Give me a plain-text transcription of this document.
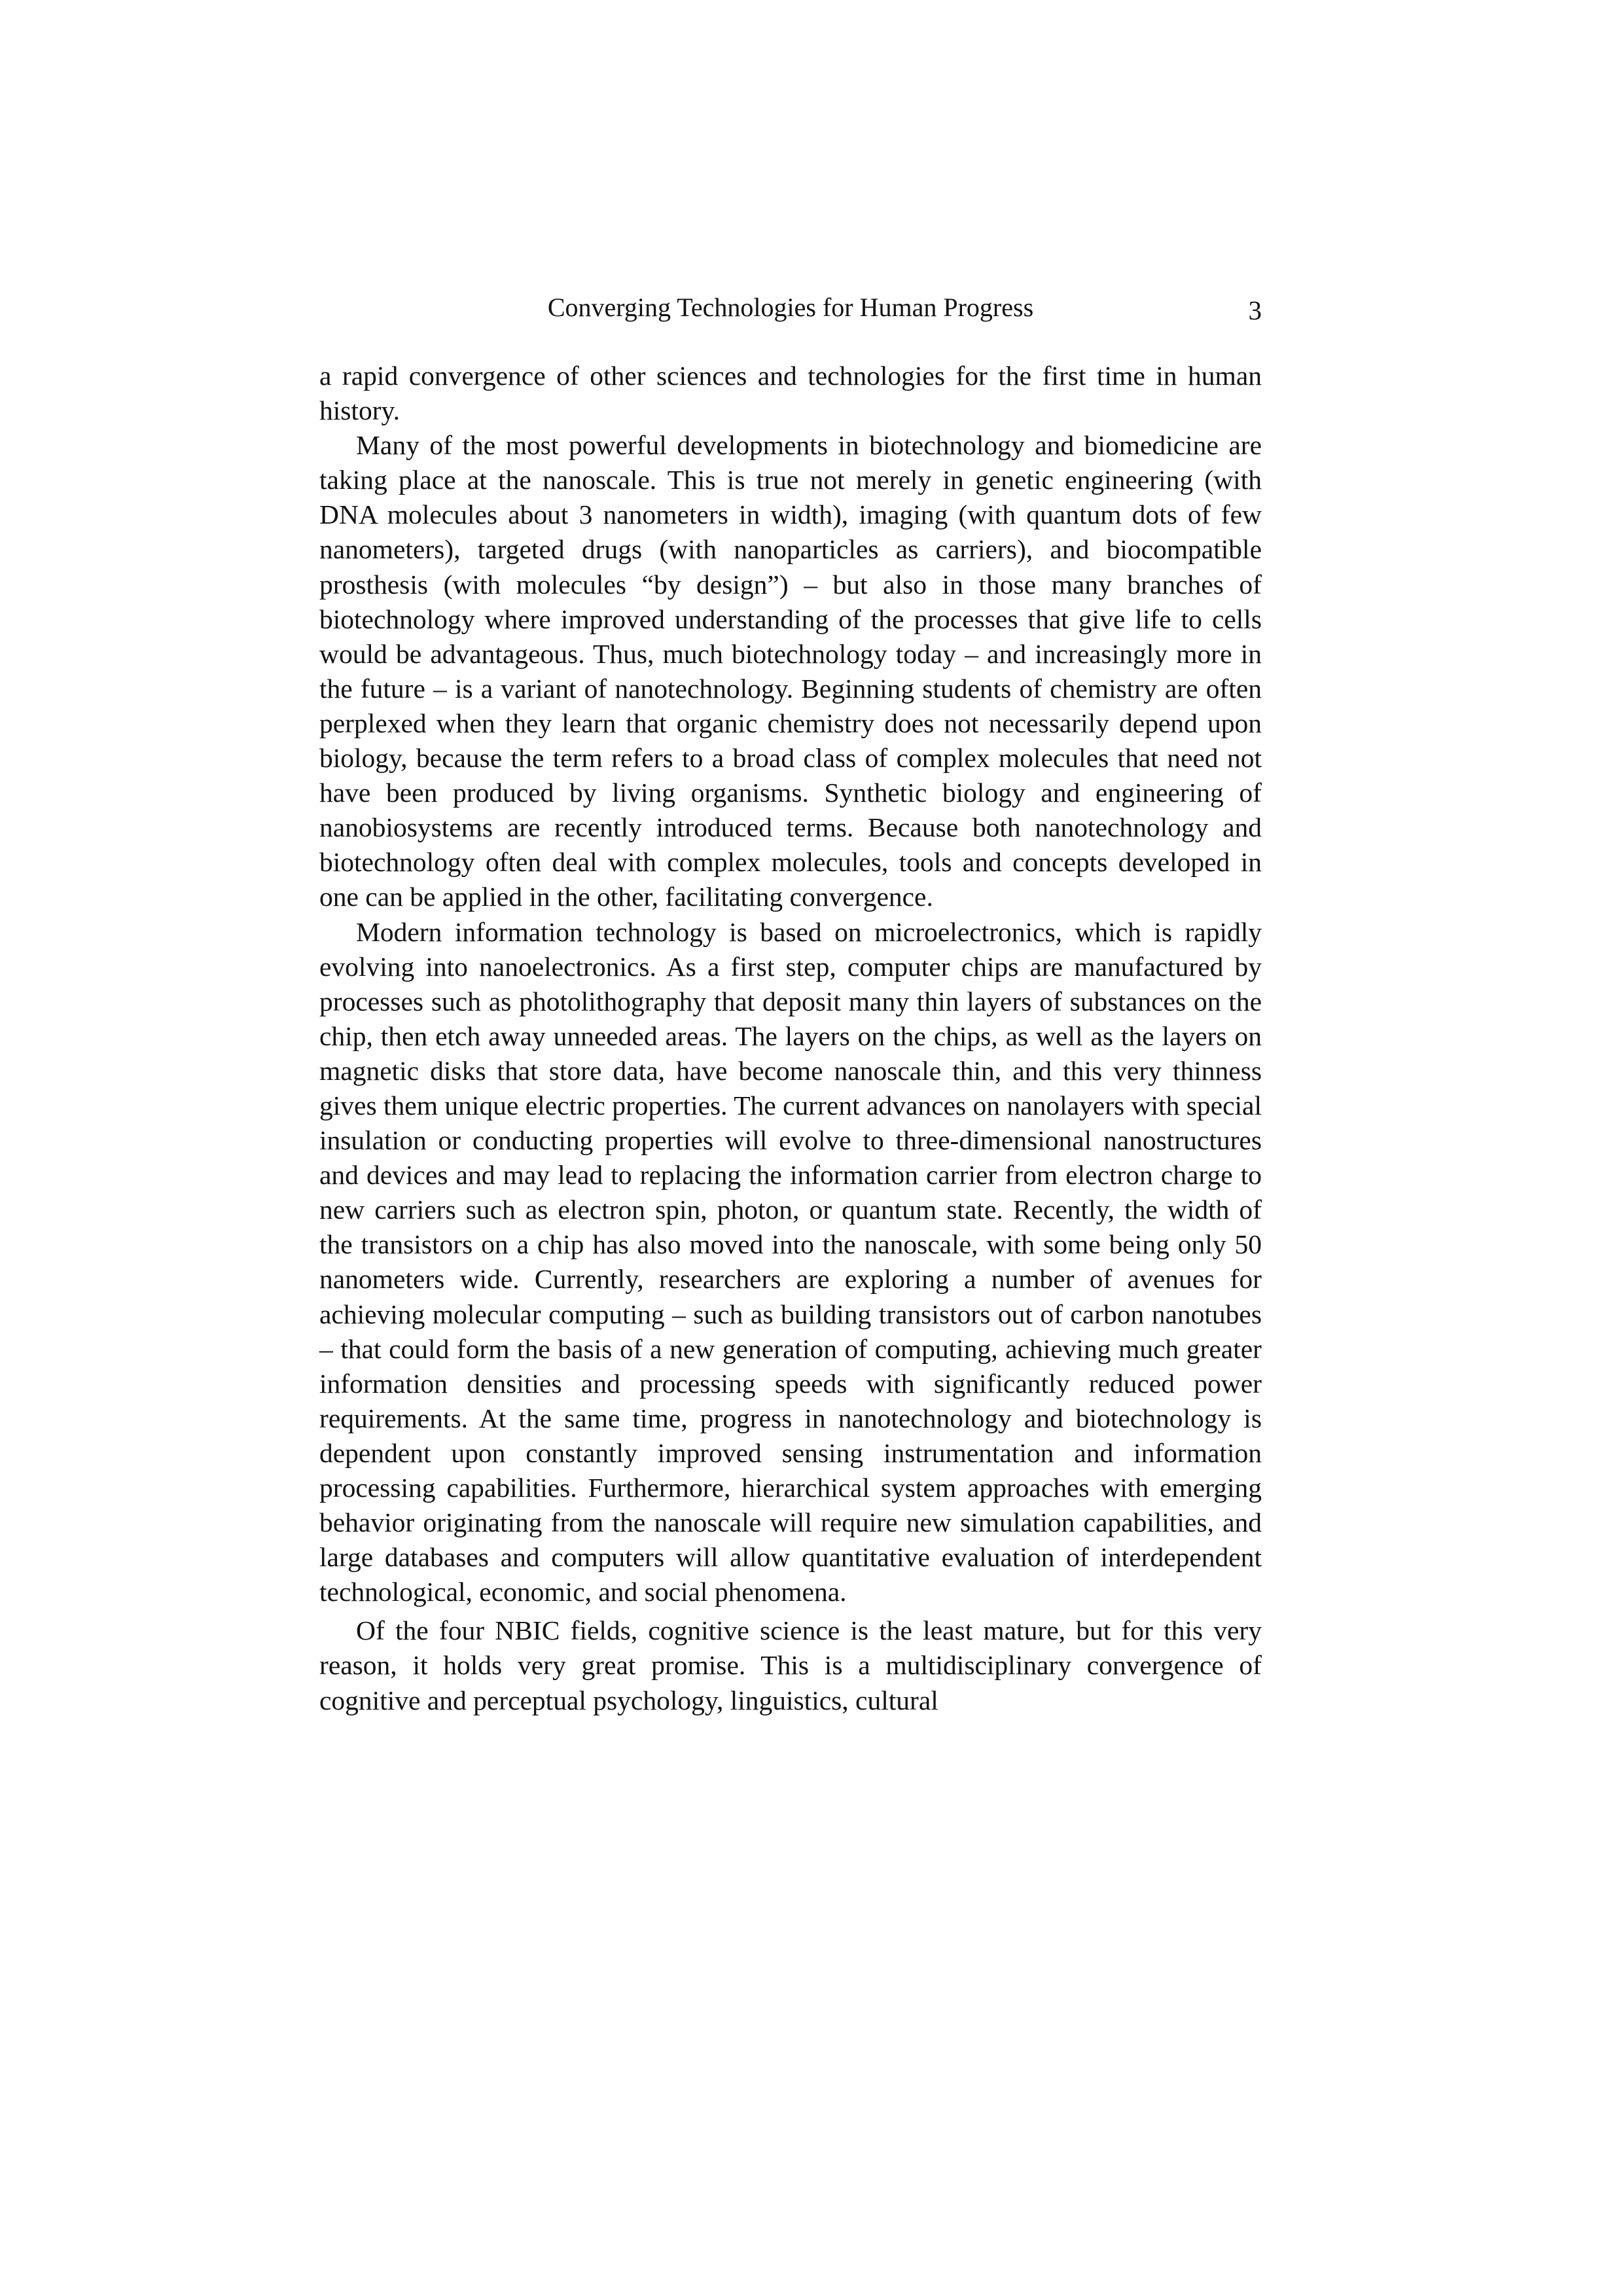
Converging Technologies for Human Progress	3

a rapid convergence of other sciences and technologies for the first time in human history.

Many of the most powerful developments in biotechnology and biomedicine are taking place at the nanoscale. This is true not merely in genetic engineering (with DNA molecules about 3 nanometers in width), imaging (with quantum dots of few nanometers), targeted drugs (with nanoparticles as carriers), and biocompatible prosthesis (with molecules “by design”) – but also in those many branches of biotechnology where improved understanding of the processes that give life to cells would be advantageous. Thus, much biotechnology today – and increasingly more in the future – is a variant of nanotechnology. Beginning students of chemistry are often perplexed when they learn that organic chemistry does not necessarily depend upon biology, because the term refers to a broad class of complex molecules that need not have been produced by living organisms. Synthetic biology and engineering of nanobiosystems are recently introduced terms. Because both nanotechnology and biotechnology often deal with complex molecules, tools and concepts developed in one can be applied in the other, facilitating convergence.

Modern information technology is based on microelectronics, which is rapidly evolving into nanoelectronics. As a first step, computer chips are manufactured by processes such as photolithography that deposit many thin layers of substances on the chip, then etch away unneeded areas. The layers on the chips, as well as the layers on magnetic disks that store data, have become nanoscale thin, and this very thinness gives them unique electric properties. The current advances on nanolayers with special insulation or conducting properties will evolve to three-dimensional nanostructures and devices and may lead to replacing the information carrier from electron charge to new carriers such as electron spin, photon, or quantum state. Recently, the width of the transistors on a chip has also moved into the nanoscale, with some being only 50 nanometers wide. Currently, researchers are exploring a number of avenues for achieving molecular computing – such as building transistors out of carbon nanotubes – that could form the basis of a new generation of computing, achieving much greater information densities and processing speeds with significantly reduced power requirements. At the same time, progress in nanotechnology and biotechnology is dependent upon constantly improved sensing instrumentation and information processing capabilities. Furthermore, hierarchical system approaches with emerging behavior originating from the nanoscale will require new simulation capabilities, and large databases and computers will allow quantitative evaluation of interdependent technological, economic, and social phenomena.

Of the four NBIC fields, cognitive science is the least mature, but for this very reason, it holds very great promise. This is a multidisciplinary convergence of cognitive and perceptual psychology, linguistics, cultural
